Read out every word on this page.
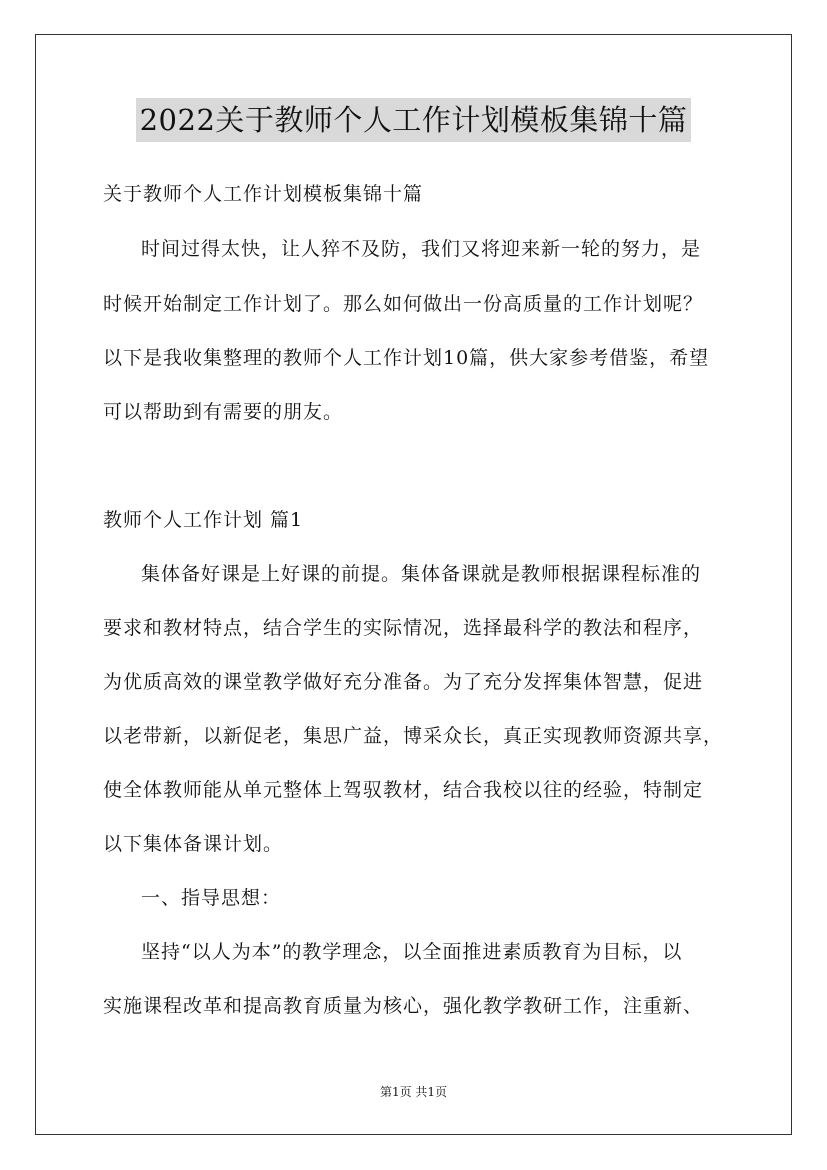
2022关于教师个人工作计划模板集锦十篇
关于教师个人工作计划模板集锦十篇
时间过得太快，让人猝不及防，我们又将迎来新一轮的努力，是
时候开始制定工作计划了。那么如何做出一份高质量的工作计划呢？
以下是我收集整理的教师个人工作计划10篇，供大家参考借鉴，希望
可以帮助到有需要的朋友。
教师个人工作计划 篇1
集体备好课是上好课的前提。集体备课就是教师根据课程标准的
要求和教材特点，结合学生的实际情况，选择最科学的教法和程序，
为优质高效的课堂教学做好充分准备。为了充分发挥集体智慧，促进
以老带新，以新促老，集思广益，博采众长，真正实现教师资源共享，
使全体教师能从单元整体上驾驭教材，结合我校以往的经验，特制定
以下集体备课计划。
一、指导思想：
坚持“以人为本”的教学理念，以全面推进素质教育为目标，以
实施课程改革和提高教育质量为核心，强化教学教研工作，注重新、
第1页 共1页
